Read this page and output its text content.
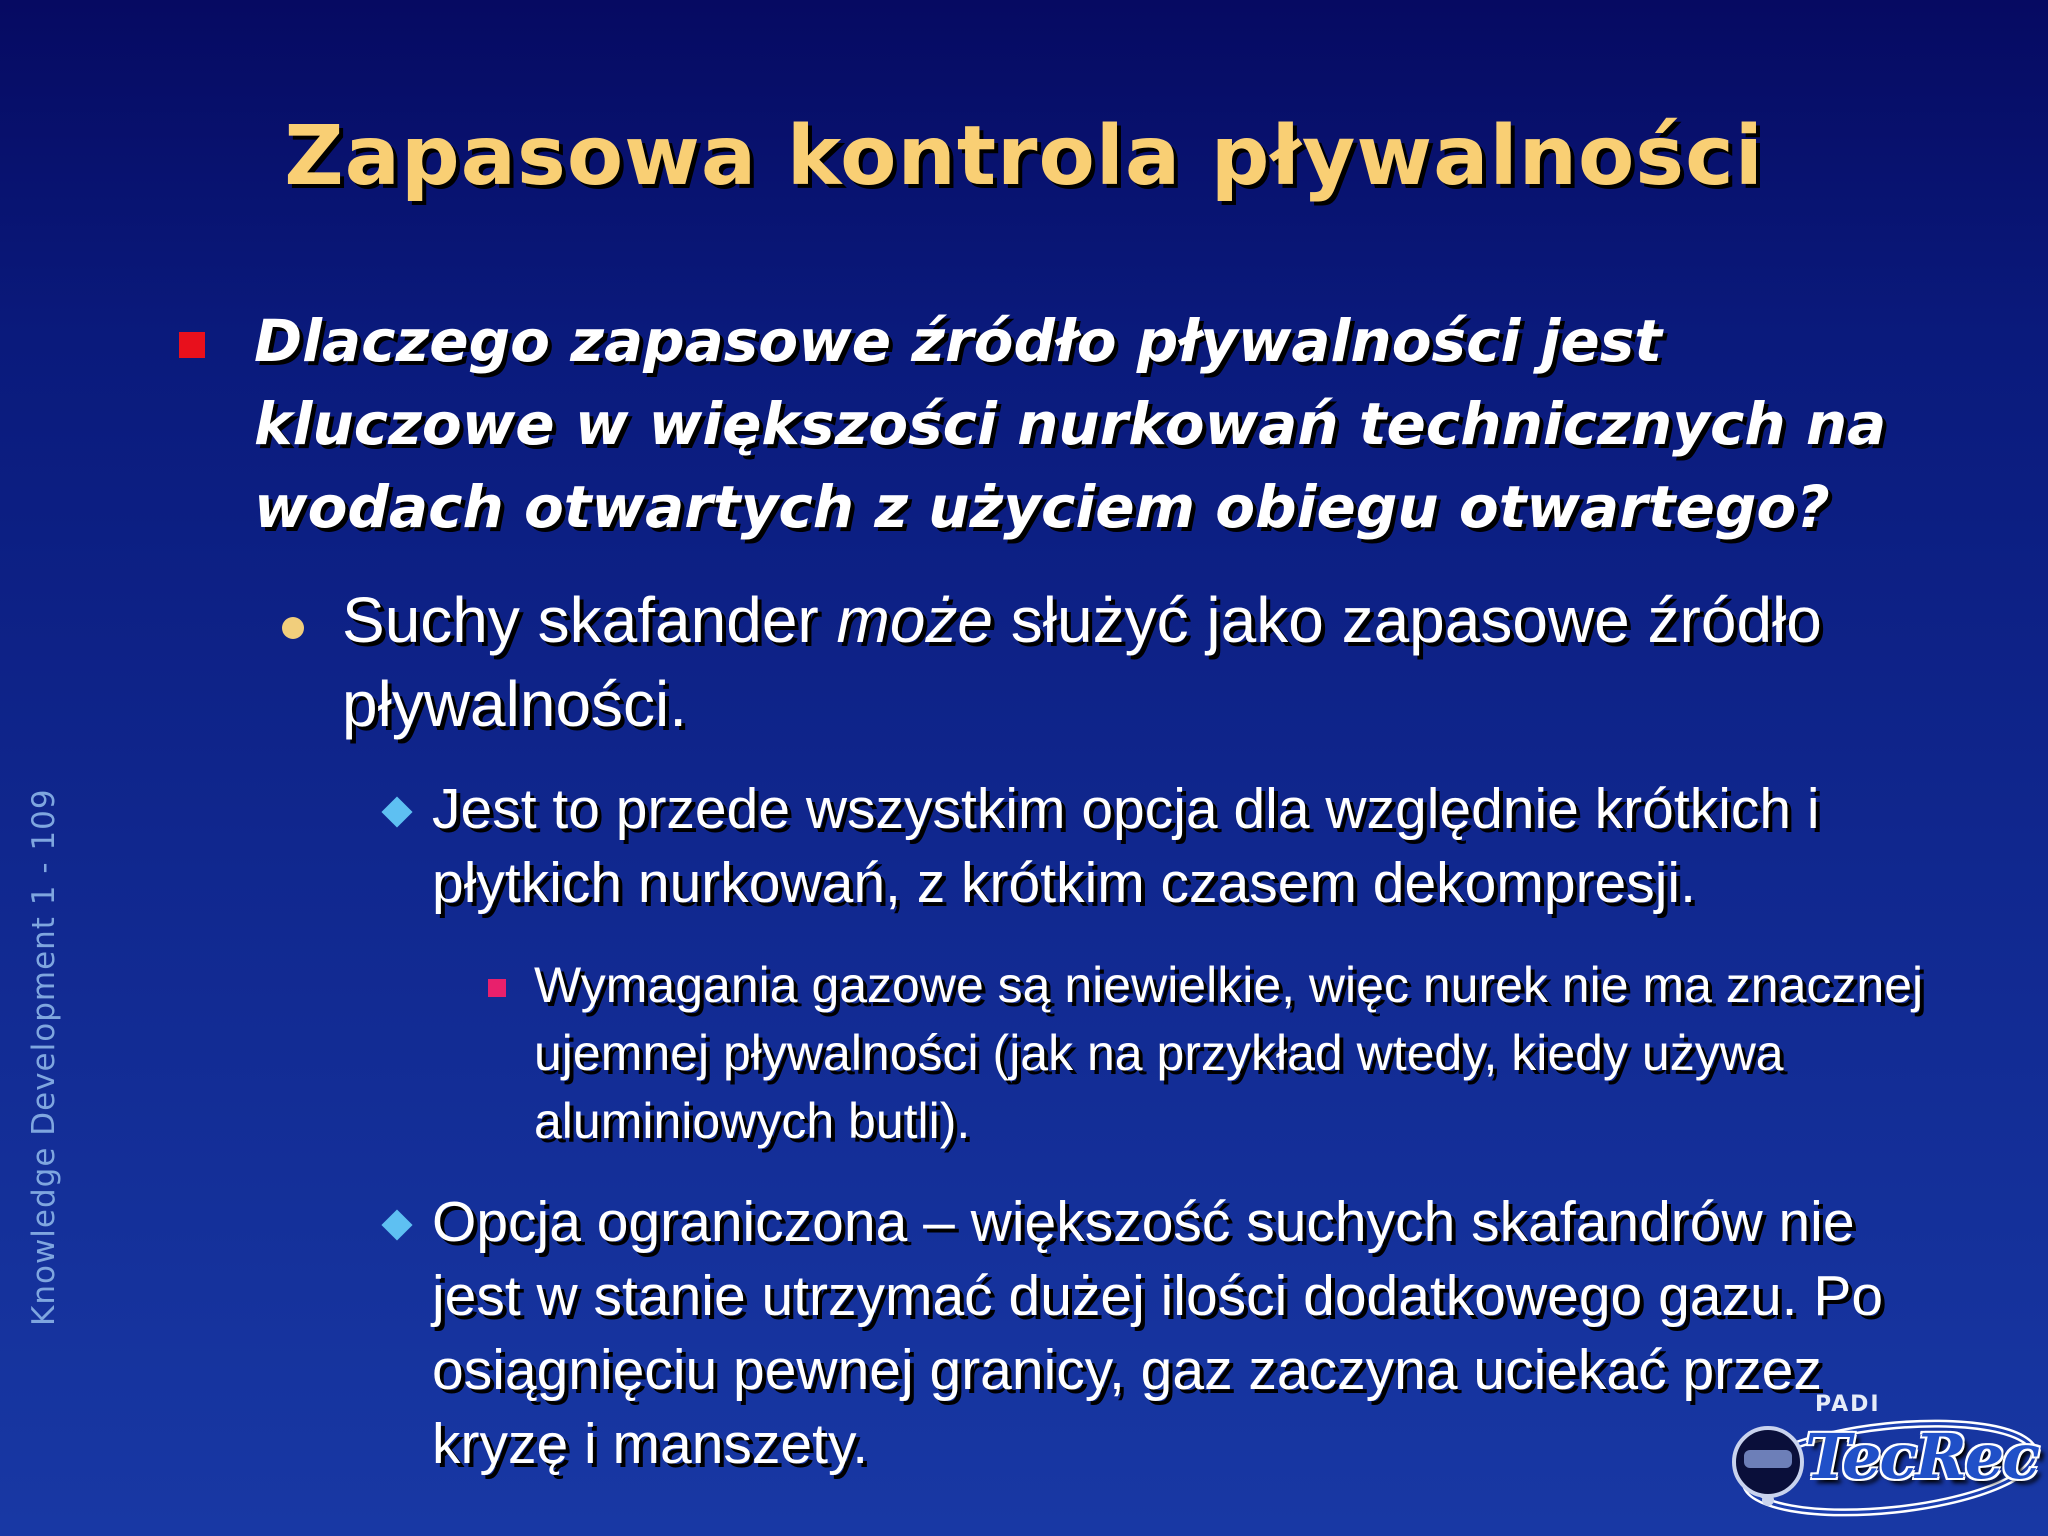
Zapasowa kontrola pływalności
Knowledge Development 1 - 109
Dlaczego zapasowe źródło pływalności jest kluczowe w większości nurkowań technicznych na wodach otwartych z użyciem obiegu otwartego?
Suchy skafander może służyć jako zapasowe źródło pływalności.
Jest to przede wszystkim opcja dla względnie krótkich i płytkich nurkowań, z krótkim czasem dekompresji.
Wymagania gazowe są niewielkie, więc nurek nie ma znacznej ujemnej pływalności (jak na przykład wtedy, kiedy używa aluminiowych butli).
Opcja ograniczona – większość suchych skafandrów nie jest w stanie utrzymać dużej ilości dodatkowego gazu. Po osiągnięciu pewnej granicy, gaz zaczyna uciekać przez kryzę i manszety.
PADI
TecRec
